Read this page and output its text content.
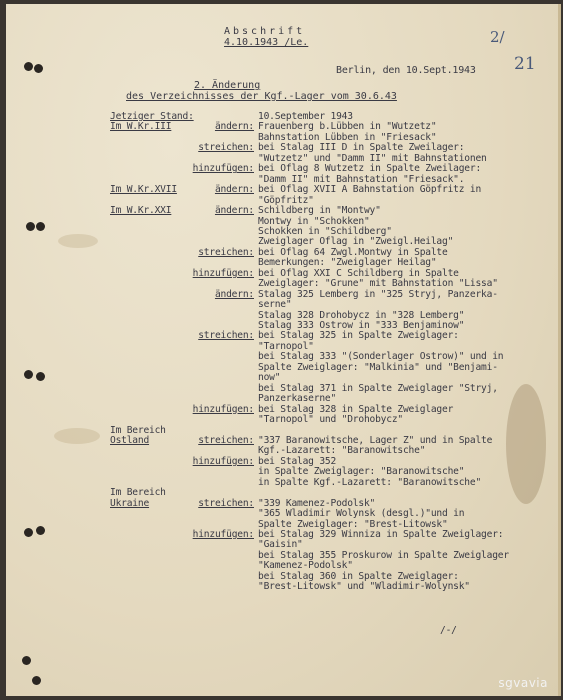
Abschrift
4.10.1943 /Le.	2/
21
Berlin, den 10.Sept.1943
2. Änderung
des Verzeichnisses der Kgf.-Lager vom 30.6.43
Jetziger Stand:	10.September 1943
Im W.Kr.III	ändern: Frauenberg b.Lübben in "Wutzetz"
Bahnstation Lübben in "Friesack"
streichen: bei Stalag III D in Spalte Zweilager:
"Wutzetz" und "Damm II" mit Bahnstationen
hinzufügen: bei Oflag 8 Wutzetz in Spalte Zweilager:
"Damm II" mit Bahnstation "Friesack".
Im W.Kr.XVII	ändern: bei Oflag XVII A Bahnstation Göpfritz in
"Göpfritz"
Im W.Kr.XXI	ändern: Schildberg in "Montwy"
Montwy in "Schokken"
Schokken in "Schildberg"
Zweiglager Oflag in "Zweigl.Heilag"
streichen: bei Oflag 64 Zwgl.Montwy in Spalte
Bemerkungen: "Zweiglager Heilag"
hinzufügen: bei Oflag XXI C Schildberg in Spalte
Zweiglager: "Grune" mit Bahnstation "Lissa"
ändern: Stalag 325 Lemberg in "325 Stryj, Panzerka-
serne"
Stalag 328 Drohobycz in "328 Lemberg"
Stalag 333 Ostrow in "333 Benjaminow"
streichen: bei Stalag 325 in Spalte Zweiglager:
"Tarnopol"
bei Stalag 333 "(Sonderlager Ostrow)" und in
Spalte Zweiglager: "Malkinia" und "Benjami-
now"
bei Stalag 371 in Spalte Zweiglager "Stryj,
Panzerkaserne"
hinzufügen: bei Stalag 328 in Spalte Zweiglager
"Tarnopol" und "Drohobycz"
Im Bereich
Ostland	streichen: "337 Baranowitsche, Lager Z" und in Spalte
Kgf.-Lazarett: "Baranowitsche"
hinzufügen: bei Stalag 352
in Spalte Zweiglager: "Baranowitsche"
in Spalte Kgf.-Lazarett: "Baranowitsche"
Im Bereich
Ukraine	streichen: "339 Kamenez-Podolsk"
"365 Wladimir Wolynsk (desgl.)"und in
Spalte Zweiglager: "Brest-Litowsk"
hinzufügen: bei Stalag 329 Winniza in Spalte Zweiglager:
"Gaisin"
bei Stalag 355 Proskurow in Spalte Zweiglager
"Kamenez-Podolsk"
bei Stalag 360 in Spalte Zweiglager:
"Brest-Litowsk" und "Wladimir-Wolynsk"
/-/
sgvavia
